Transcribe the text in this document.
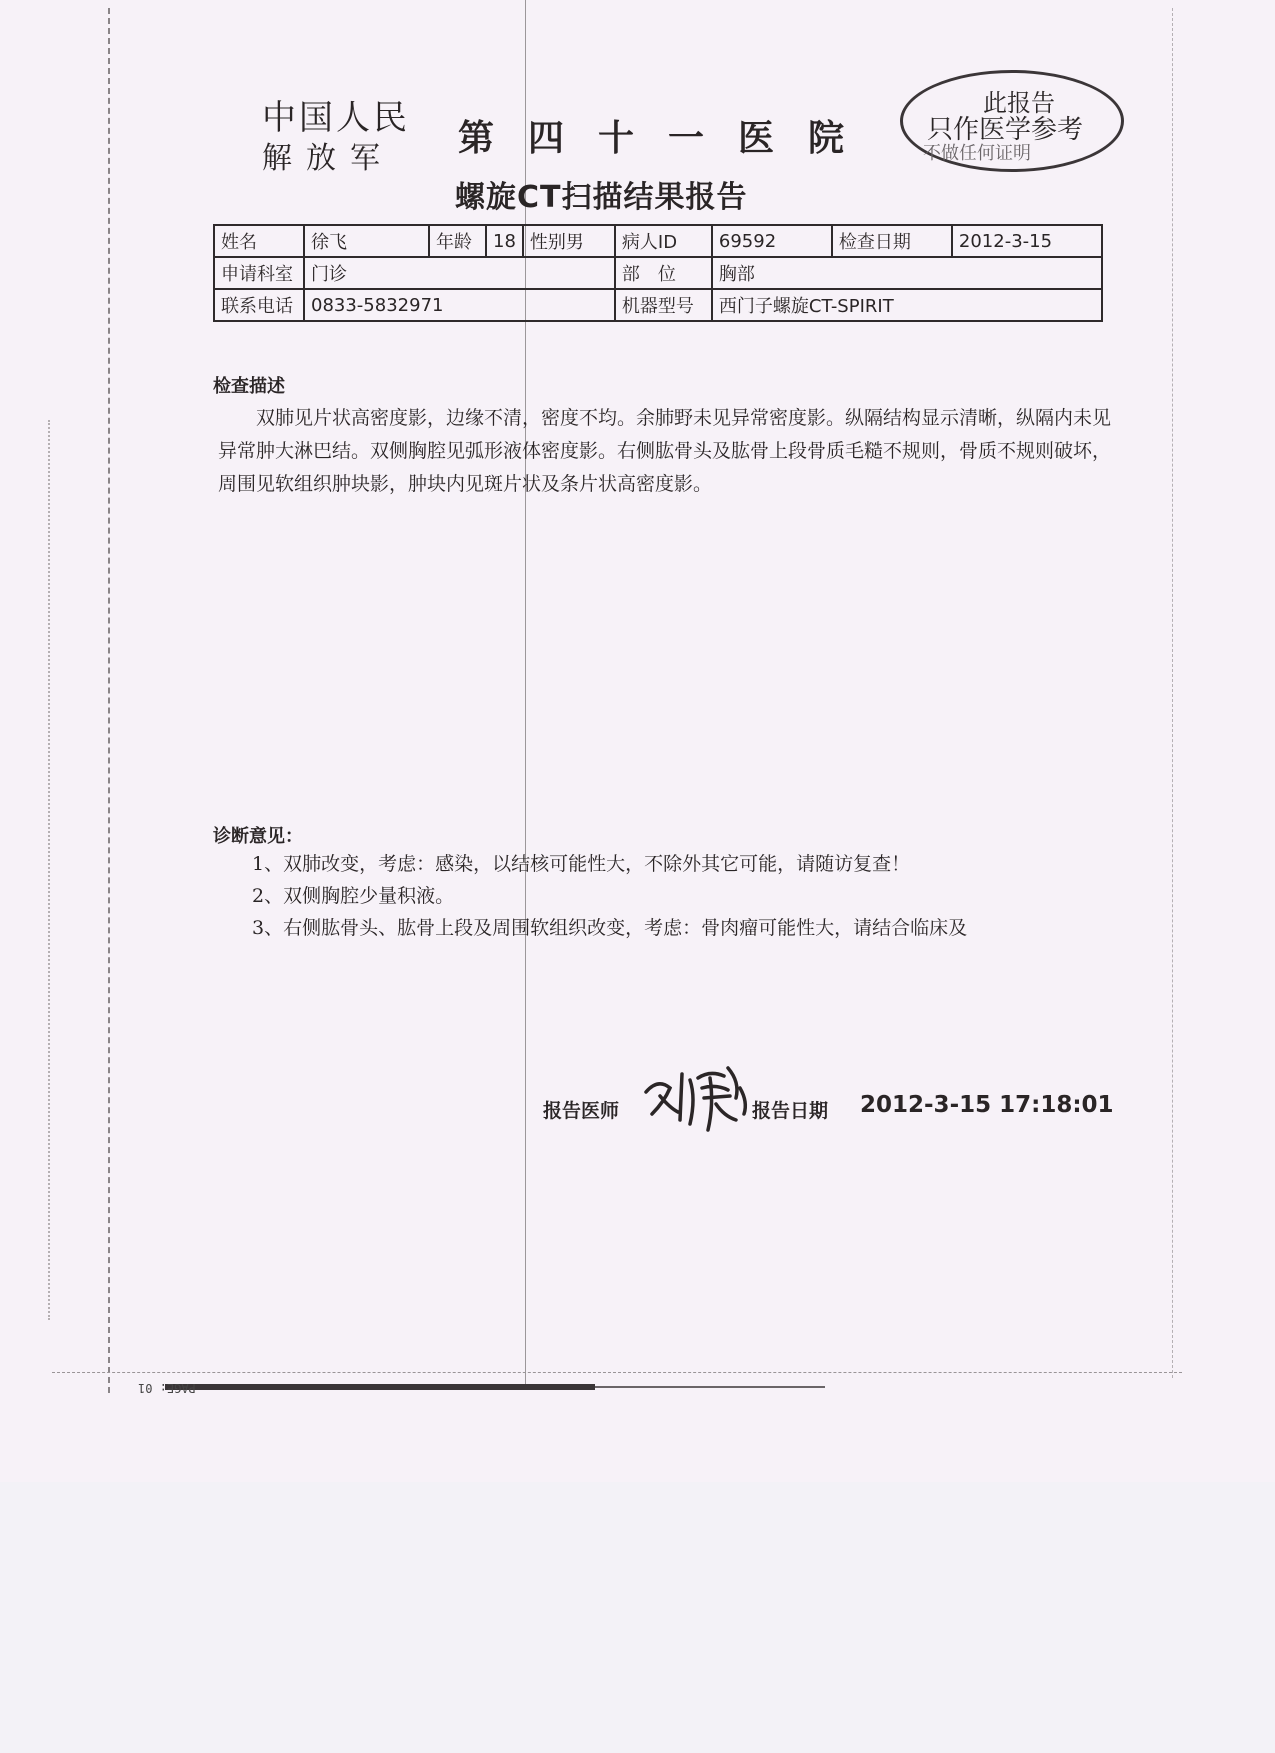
中国人民
解放军 第四十一医院
此报告
只作医学参考
不做任何证明
螺旋CT扫描结果报告
姓名	徐飞	年龄	18	性别男	病人ID	69592	检查日期	2012-3-15
申请科室	门诊				部　位	胸部		
联系电话	0833-5832971				机器型号	西门子螺旋CT-SPIRIT		
检查描述
双肺见片状高密度影，边缘不清，密度不均。余肺野未见异常密度影。纵隔结构显示清晰，纵隔内未见异常肿大淋巴结。双侧胸腔见弧形液体密度影。右侧肱骨头及肱骨上段骨质毛糙不规则，骨质不规则破坏，周围见软组织肿块影，肿块内见斑片状及条片状高密度影。
诊断意见：
1、双肺改变，考虑：感染，以结核可能性大，不除外其它可能，请随访复查！
2、双侧胸腔少量积液。
3、右侧肱骨头、肱骨上段及周围软组织改变，考虑：骨肉瘤可能性大，请结合临床及
报告医师	报告日期 2012-3-15 17:18:01
PAGE: 01
